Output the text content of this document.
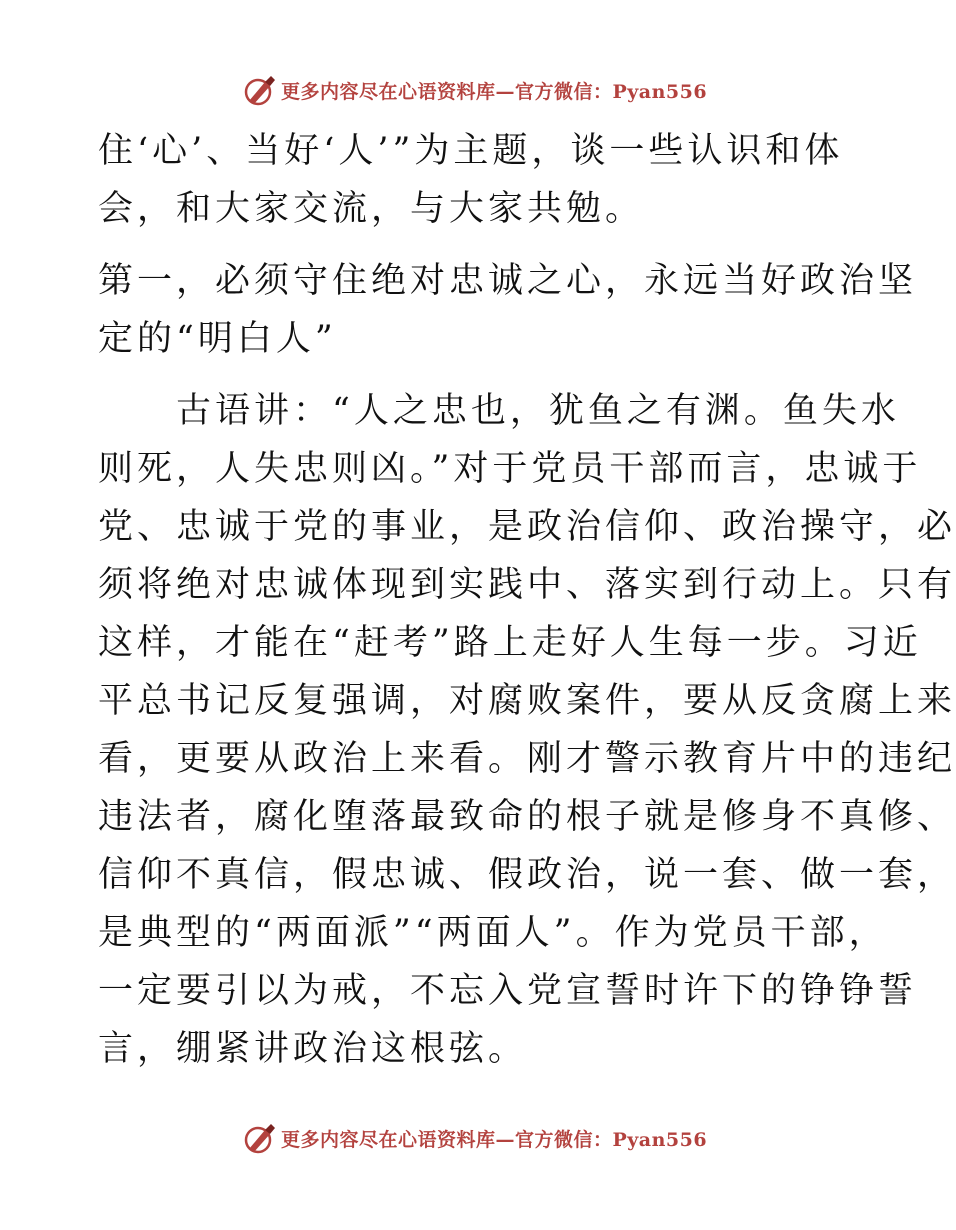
更多内容尽在心语资料库—官方微信：Pyan556
住‘心’、当好‘人’”为主题，谈一些认识和体
会，和大家交流，与大家共勉。
第一，必须守住绝对忠诚之心，永远当好政治坚
定的“明白人”
　　古语讲：“人之忠也，犹鱼之有渊。鱼失水
则死，人失忠则凶。”对于党员干部而言，忠诚于
党、忠诚于党的事业，是政治信仰、政治操守，必
须将绝对忠诚体现到实践中、落实到行动上。只有
这样，才能在“赶考”路上走好人生每一步。习近
平总书记反复强调，对腐败案件，要从反贪腐上来
看，更要从政治上来看。刚才警示教育片中的违纪
违法者，腐化堕落最致命的根子就是修身不真修、
信仰不真信，假忠诚、假政治，说一套、做一套，
是典型的“两面派”“两面人”。作为党员干部，
一定要引以为戒，不忘入党宣誓时许下的铮铮誓
言，绷紧讲政治这根弦。
更多内容尽在心语资料库—官方微信：Pyan556
